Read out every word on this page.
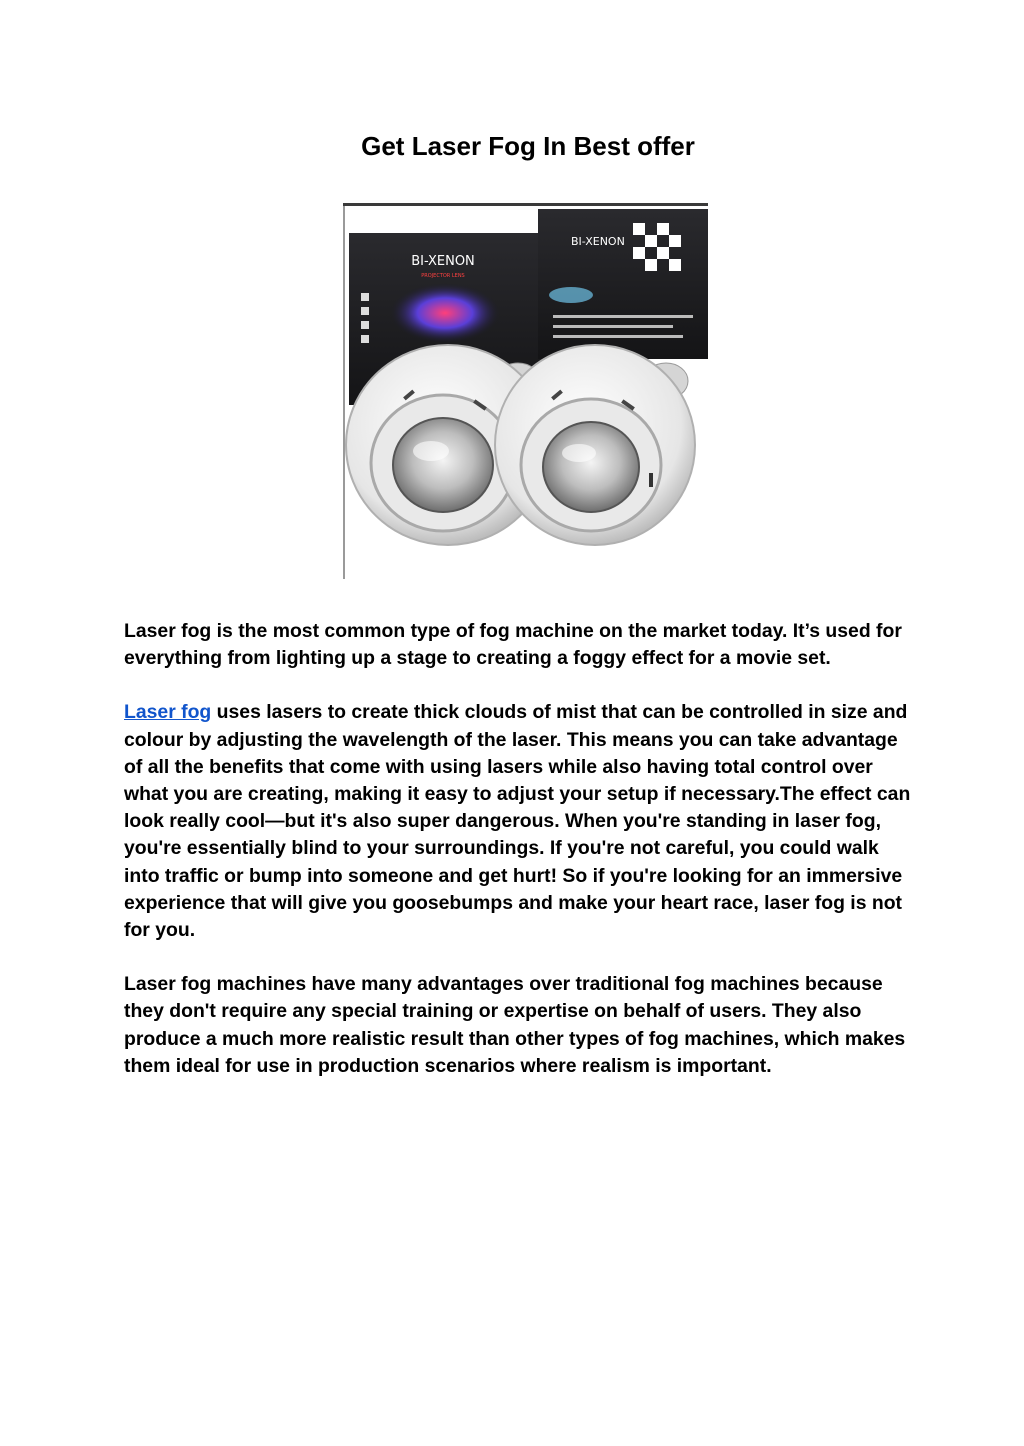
Get Laser Fog In Best offer
BI-XENON
PROJECTOR LENS
BI-XENON

Laser fog is the most common type of fog machine on the market today. It’s used for everything from lighting up a stage to creating a foggy effect for a movie set.

Laser fog uses lasers to create thick clouds of mist that can be controlled in size and colour by adjusting the wavelength of the laser. This means you can take advantage of all the benefits that come with using lasers while also having total control over what you are creating, making it easy to adjust your setup if necessary.The effect can look really cool—but it's also super dangerous. When you're standing in laser fog, you're essentially blind to your surroundings. If you're not careful, you could walk into traffic or bump into someone and get hurt! So if you're looking for an immersive experience that will give you goosebumps and make your heart race, laser fog is not for you.

Laser fog machines have many advantages over traditional fog machines because they don't require any special training or expertise on behalf of users. They also produce a much more realistic result than other types of fog machines, which makes them ideal for use in production scenarios where realism is important.
